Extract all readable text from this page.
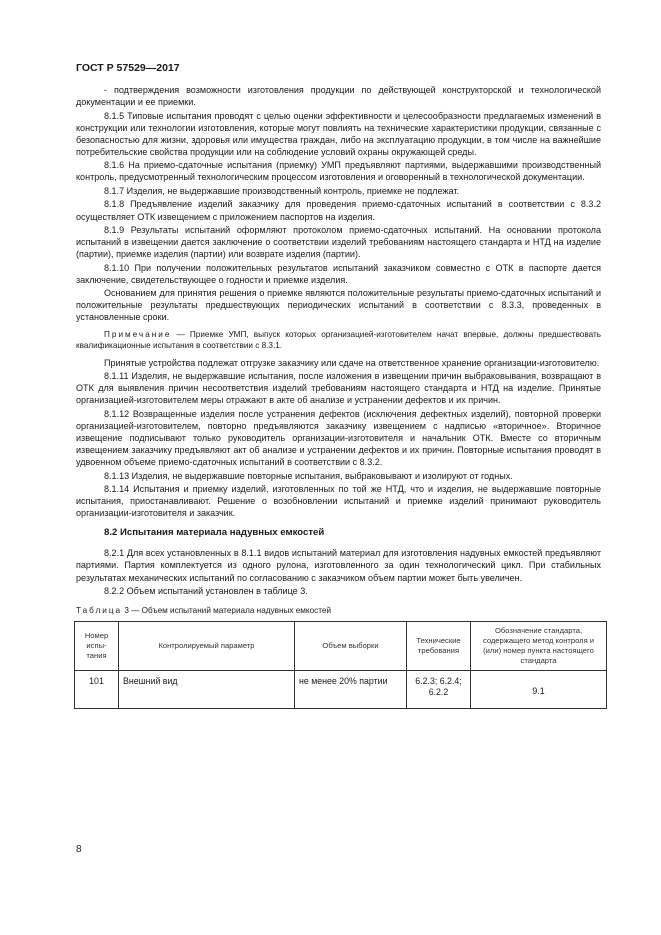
ГОСТ Р 57529—2017

- подтверждения возможности изготовления продукции по действующей конструкторской и технологической документации и ее приемки.

8.1.5 Типовые испытания проводят с целью оценки эффективности и целесообразности предлагаемых изменений в конструкции или технологии изготовления, которые могут повлиять на технические характеристики продукции, связанные с безопасностью для жизни, здоровья или имущества граждан, либо на эксплуатацию продукции, в том числе на важнейшие потребительские свойства продукции или на соблюдение условий охраны окружающей среды.

8.1.6 На приемо-сдаточные испытания (приемку) УМП предъявляют партиями, выдержавшими производственный контроль, предусмотренный технологическим процессом изготовления и оговоренный в технологической документации.

8.1.7 Изделия, не выдержавшие производственный контроль, приемке не подлежат.

8.1.8 Предъявление изделий заказчику для проведения приемо-сдаточных испытаний в соответствии с 8.3.2 осуществляет ОТК извещением с приложением паспортов на изделия.

8.1.9 Результаты испытаний оформляют протоколом приемо-сдаточных испытаний. На основании протокола испытаний в извещении дается заключение о соответствии изделий требованиям настоящего стандарта и НТД на изделие (партии), приемке изделия (партии) или возврате изделия (партии).

8.1.10 При получении положительных результатов испытаний заказчиком совместно с ОТК в паспорте дается заключение, свидетельствующее о годности и приемке изделия.

Основанием для принятия решения о приемке являются положительные результаты приемо-сдаточных испытаний и положительные результаты предшествующих периодических испытаний в соответствии с 8.3.3, проведенных в установленные сроки.

Примечание — Приемке УМП, выпуск которых организацией-изготовителем начат впервые, должны предшествовать квалификационные испытания в соответствии с 8.3.1.

Принятые устройства подлежат отгрузке заказчику или сдаче на ответственное хранение организации-изготовителю.

8.1.11 Изделия, не выдержавшие испытания, после изложения в извещении причин выбраковывания, возвращают в ОТК для выявления причин несоответствия изделий требованиям настоящего стандарта и НТД на изделие. Принятые организацией-изготовителем меры отражают в акте об анализе и устранении дефектов и их причин.

8.1.12 Возвращенные изделия после устранения дефектов (исключения дефектных изделий), повторной проверки организацией-изготовителем, повторно предъявляются заказчику извещением с надписью «вторичное». Вторичное извещение подписывают только руководитель организации-изготовителя и начальник ОТК. Вместе со вторичным извещением заказчику предъявляют акт об анализе и устранении дефектов и их причин. Повторные испытания проводят в удвоенном объеме приемо-сдаточных испытаний в соответствии с 8.3.2.

8.1.13 Изделия, не выдержавшие повторные испытания, выбраковывают и изолируют от годных.

8.1.14 Испытания и приемку изделий, изготовленных по той же НТД, что и изделия, не выдержавшие повторные испытания, приостанавливают. Решение о возобновлении испытаний и приемке изделий принимают руководитель организации-изготовителя и заказчик.

8.2 Испытания материала надувных емкостей

8.2.1 Для всех установленных в 8.1.1 видов испытаний материал для изготовления надувных емкостей предъявляют партиями. Партия комплектуется из одного рулона, изготовленного за один технологический цикл. При стабильных результатах механических испытаний по согласованию с заказчиком объем партии может быть увеличен.

8.2.2 Объем испытаний установлен в таблице 3.

Таблица 3 — Объем испытаний материала надувных емкостей

Номер испы-тания	Контролируемый параметр	Объем выборки	Технические требования	Обозначение стандарта, содержащего метод контроля и (или) номер пункта настоящего стандарта
101	Внешний вид	не менее 20% партии	6.2.3; 6.2.4; 6.2.2	9.1
8
